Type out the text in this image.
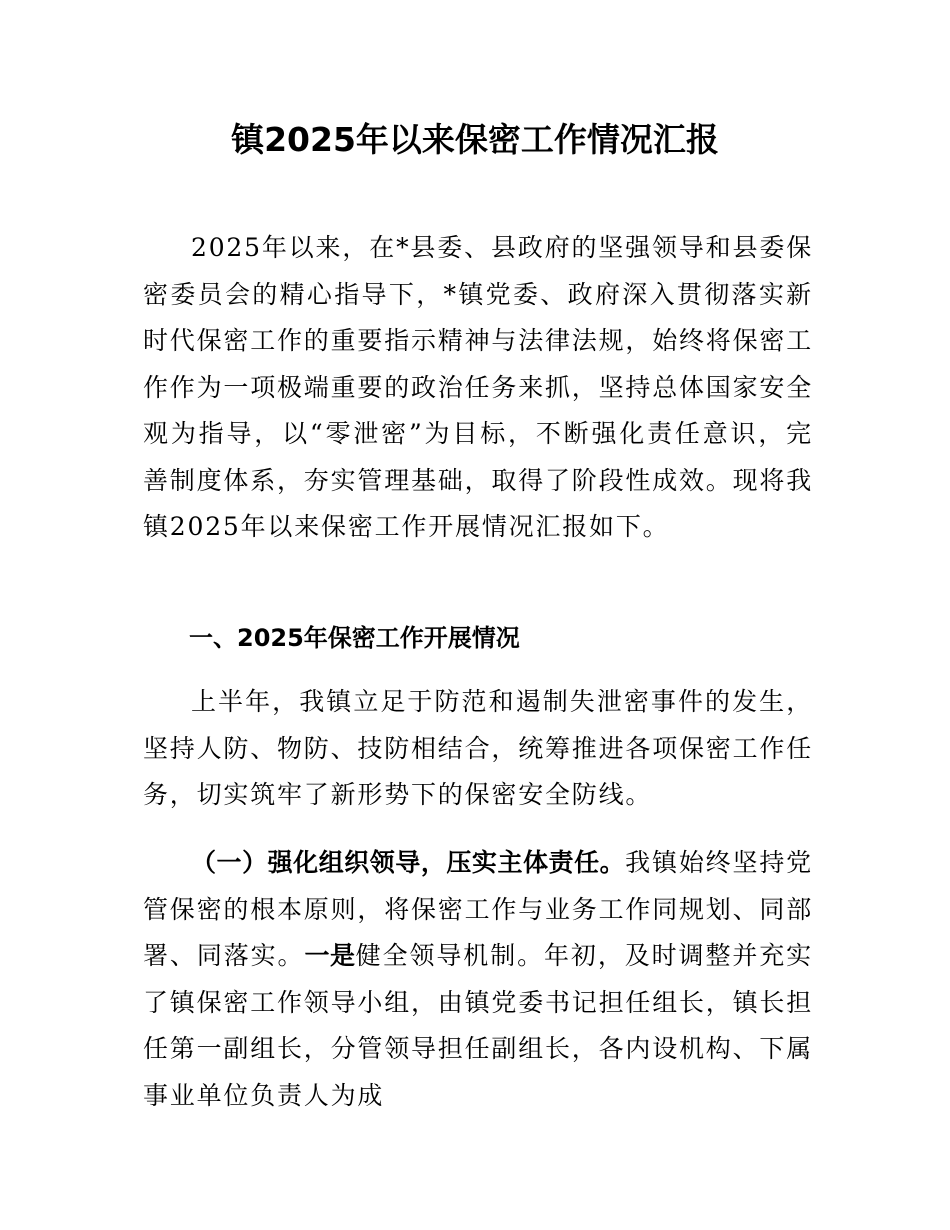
镇2025年以来保密工作情况汇报

2025年以来，在*县委、县政府的坚强领导和县委保密委员会的精心指导下，*镇党委、政府深入贯彻落实新时代保密工作的重要指示精神与法律法规，始终将保密工作作为一项极端重要的政治任务来抓，坚持总体国家安全观为指导，以“零泄密”为目标，不断强化责任意识，完善制度体系，夯实管理基础，取得了阶段性成效。现将我镇2025年以来保密工作开展情况汇报如下。

一、2025年保密工作开展情况

上半年，我镇立足于防范和遏制失泄密事件的发生，坚持人防、物防、技防相结合，统筹推进各项保密工作任务，切实筑牢了新形势下的保密安全防线。

（一）强化组织领导，压实主体责任。我镇始终坚持党管保密的根本原则，将保密工作与业务工作同规划、同部署、同落实。一是健全领导机制。年初，及时调整并充实了镇保密工作领导小组，由镇党委书记担任组长，镇长担任第一副组长，分管领导担任副组长，各内设机构、下属事业单位负责人为成
